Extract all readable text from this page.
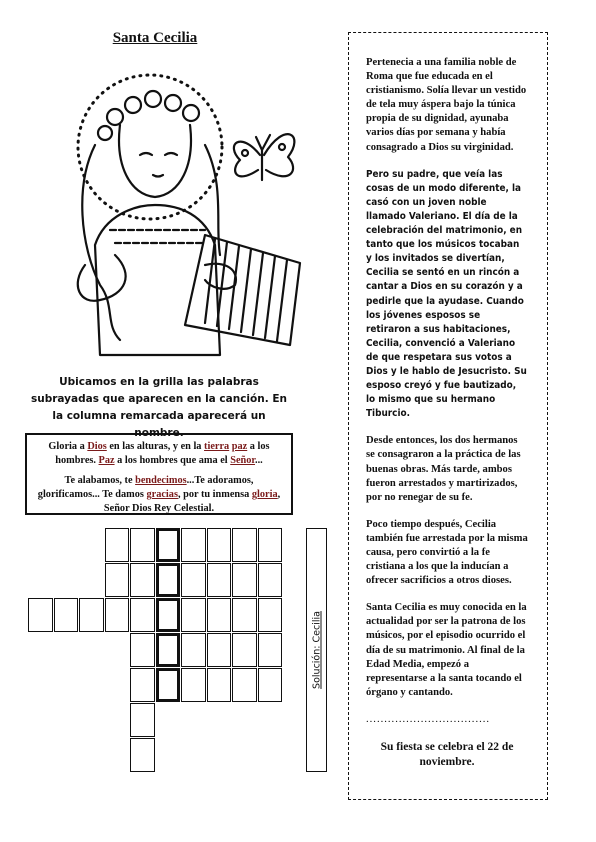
Santa Cecilia
Ubicamos en la grilla las palabras subrayadas que aparecen en la canción. En la columna remarcada aparecerá un nombre.

Gloria a Dios en las alturas, y en la tierra paz a los hombres. Paz a los hombres que ama el Señor...

Te alabamos, te bendecimos...Te adoramos, glorificamos... Te damos gracias, por tu inmensa gloria, Señor Dios Rey Celestial.

Solución: Cecilia

Pertenecia a una familia noble de Roma que fue educada en el cristianismo. Solía llevar un vestido de tela muy áspera bajo la túnica propia de su dignidad, ayunaba varios días por semana y había consagrado a Dios su virginidad.

Pero su padre, que veía las cosas de un modo diferente, la casó con un joven noble llamado Valeriano. El día de la celebración del matrimonio, en tanto que los músicos tocaban y los invitados se divertían, Cecilia se sentó en un rincón a cantar a Dios en su corazón y a pedirle que la ayudase. Cuando los jóvenes esposos se retiraron a sus habitaciones, Cecilia, convenció a Valeriano de que respetara sus votos a Dios y le hablo de Jesucristo. Su esposo creyó y fue bautizado, lo mismo que su hermano Tiburcio.

Desde entonces, los dos hermanos se consagraron a la práctica de las buenas obras. Más tarde, ambos fueron arrestados y martirizados, por no renegar de su fe.

Poco tiempo después, Cecilia también fue arrestada por la misma causa, pero convirtió a la fe cristiana a los que la inducían a ofrecer sacrificios a otros dioses.

Santa Cecilia es muy conocida en la actualidad por ser la patrona de los músicos, por el episodio ocurrido el día de su matrimonio. Al final de la Edad Media, empezó a representarse a la santa tocando el órgano y cantando.

..................................

Su fiesta se celebra el 22 de noviembre.
